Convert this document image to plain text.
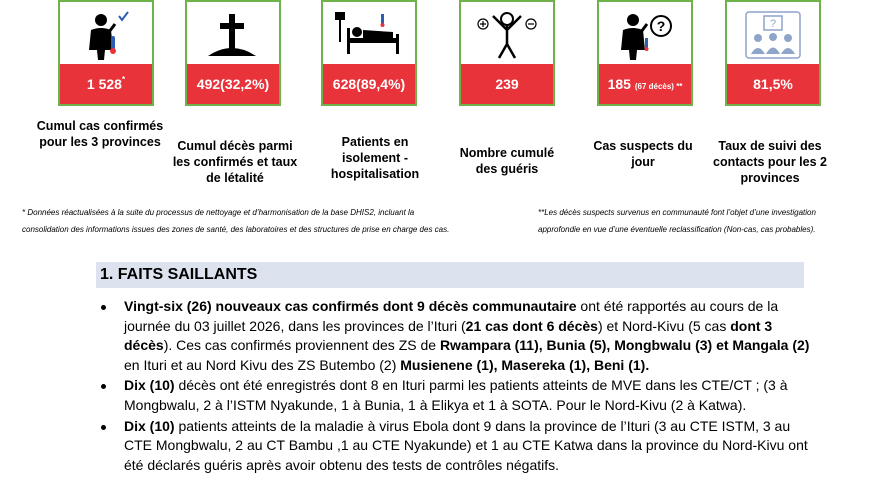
1 528*
Cumul cas confirmés pour les 3 provinces
492(32,2%)
Cumul décès parmi les confirmés et taux de létalité
628(89,4%)
Patients en isolement - hospitalisation
239
Nombre cumulé des guéris
?
185 (67 décès) **
Cas suspects du jour
?
81,5%
Taux de suivi des contacts pour les 2 provinces
* Données réactualisées à la suite du processus de nettoyage et d’harmonisation de la base DHIS2, incluant la
consolidation des informations issues des zones de santé, des laboratoires et des structures de prise en charge des cas.
**Les décès suspects survenus en communauté font l’objet d’une investigation
approfondie en vue d’une éventuelle reclassification (Non-cas, cas probables).
1. FAITS SAILLANTS
Vingt-six (26) nouveaux cas confirmés dont 9 décès communautaire ont été rapportés au cours de la journée du 03 juillet 2026, dans les provinces de l’Ituri (21 cas dont 6 décès) et Nord-Kivu (5 cas dont 3 décès). Ces cas confirmés proviennent des ZS de Rwampara (11), Bunia (5), Mongbwalu (3) et Mangala (2) en Ituri et au Nord Kivu des ZS Butembo (2) Musienene (1), Masereka (1), Beni (1).
Dix (10) décès ont été enregistrés dont 8 en Ituri parmi les patients atteints de MVE dans les CTE/CT ; (3 à Mongbwalu, 2 à l’ISTM Nyakunde, 1 à Bunia, 1 à Elikya et 1 à SOTA. Pour le Nord-Kivu (2 à Katwa).
Dix (10) patients atteints de la maladie à virus Ebola dont 9 dans la province de l’Ituri (3 au CTE ISTM, 3 au CTE Mongbwalu, 2 au CT Bambu ,1 au CTE Nyakunde) et 1 au CTE Katwa dans la province du Nord-Kivu ont été déclarés guéris après avoir obtenu des tests de contrôles négatifs.
